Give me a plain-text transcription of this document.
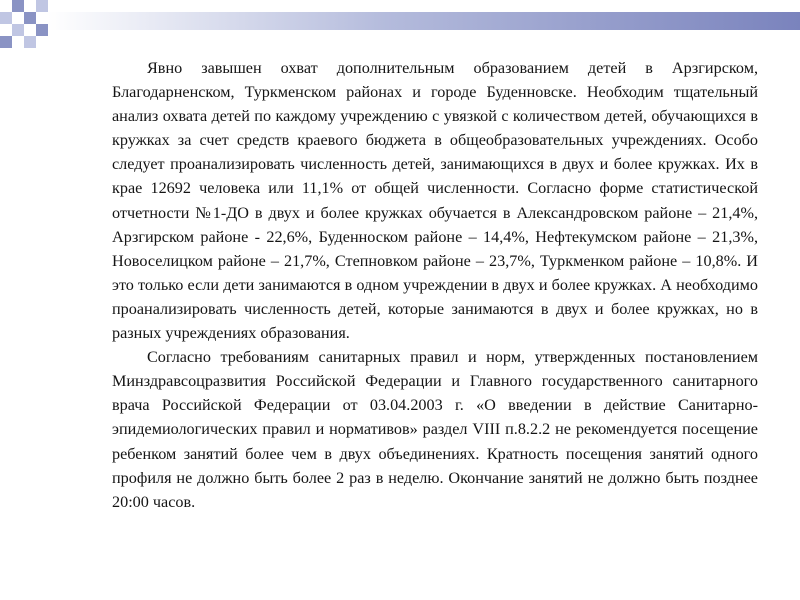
Явно завышен охват дополнительным образованием детей в Арзгирском, Благодарненском, Туркменском районах и городе Буденновске. Необходим тщательный анализ охвата детей по каждому учреждению с увязкой с количеством детей, обучающихся в кружках за счет средств краевого бюджета в общеобразовательных учреждениях. Особо следует проанализировать численность детей, занимающихся в двух и более кружках. Их в крае 12692 человека или 11,1% от общей численности. Согласно форме статистической отчетности №1-ДО в двух и более кружках обучается в Александровском районе – 21,4%, Арзгирском районе - 22,6%, Буденноском районе – 14,4%, Нефтекумском районе – 21,3%, Новоселицком районе – 21,7%, Степновком районе – 23,7%, Туркменком районе – 10,8%. И это только если дети занимаются в одном учреждении в двух и более кружках. А необходимо проанализировать численность детей, которые занимаются в двух и более кружках, но в разных учреждениях образования.

Согласно требованиям санитарных правил и норм, утвержденных постановлением Минздравсоцразвития Российской Федерации и Главного государственного санитарного врача Российской Федерации от 03.04.2003 г. «О введении в действие Санитарно-эпидемиологических правил и нормативов» раздел VIII п.8.2.2 не рекомендуется посещение ребенком занятий более чем в двух объединениях. Кратность посещения занятий одного профиля не должно быть более 2 раз в неделю. Окончание занятий не должно быть позднее 20:00 часов.
